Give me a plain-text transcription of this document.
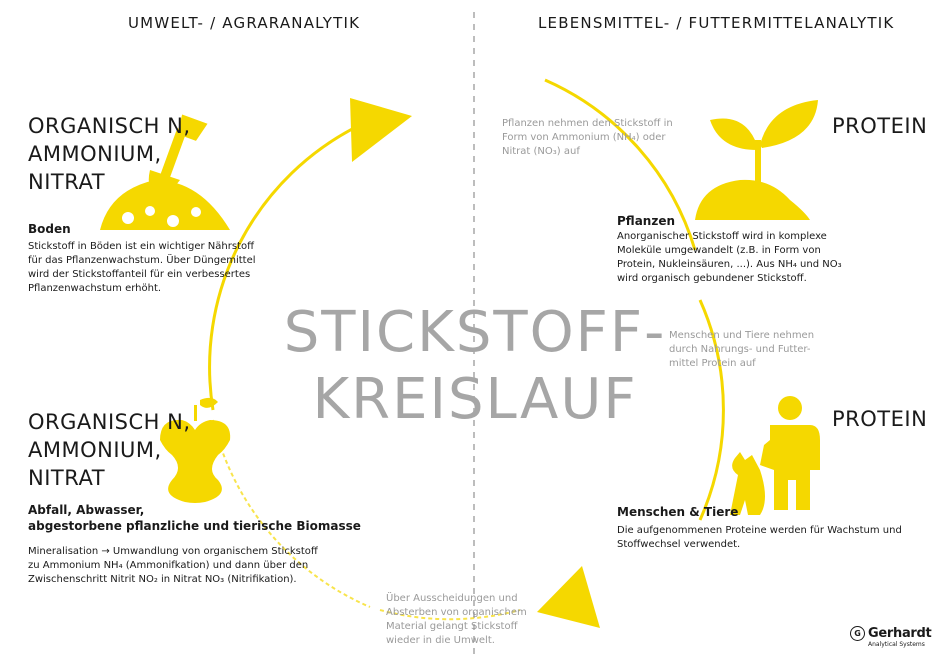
UMWELT- / AGRARANALYTIK	LEBENSMITTEL- / FUTTERMITTELANALYTIK
STICKSTOFF-
KREISLAUF
ORGANISCH N,
AMMONIUM,
NITRAT
Boden
Stickstoff in Böden ist ein wichtiger Nährstoff
für das Pflanzenwachstum. Über Düngemittel
wird der Stickstoffanteil für ein verbessertes
Pflanzenwachstum erhöht.
ORGANISCH N,
AMMONIUM,
NITRAT
Abfall, Abwasser,
abgestorbene pflanzliche und tierische Biomasse
Mineralisation → Umwandlung von organischem Stickstoff
zu Ammonium NH₄ (Ammonifkation) und dann über den
Zwischenschritt Nitrit NO₂ in Nitrat NO₃ (Nitrifikation).
PROTEIN
Pflanzen
Anorganischer Stickstoff wird in komplexe
Moleküle umgewandelt (z.B. in Form von
Protein, Nukleinsäuren, ...). Aus NH₄ und NO₃
wird organisch gebundener Stickstoff.
PROTEIN
Menschen & Tiere
Die aufgenommenen Proteine werden für Wachstum und
Stoffwechsel verwendet.
Pflanzen nehmen den Stickstoff in
Form von Ammonium (NH₄) oder
Nitrat (NO₃) auf
Menschen und Tiere nehmen
durch Nahrungs- und Futter-
mittel Protein auf
Über Ausscheidungen und
Absterben von organischem
Material gelangt Stickstoff
wieder in die Umwelt.
G Gerhardt
Analytical Systems
